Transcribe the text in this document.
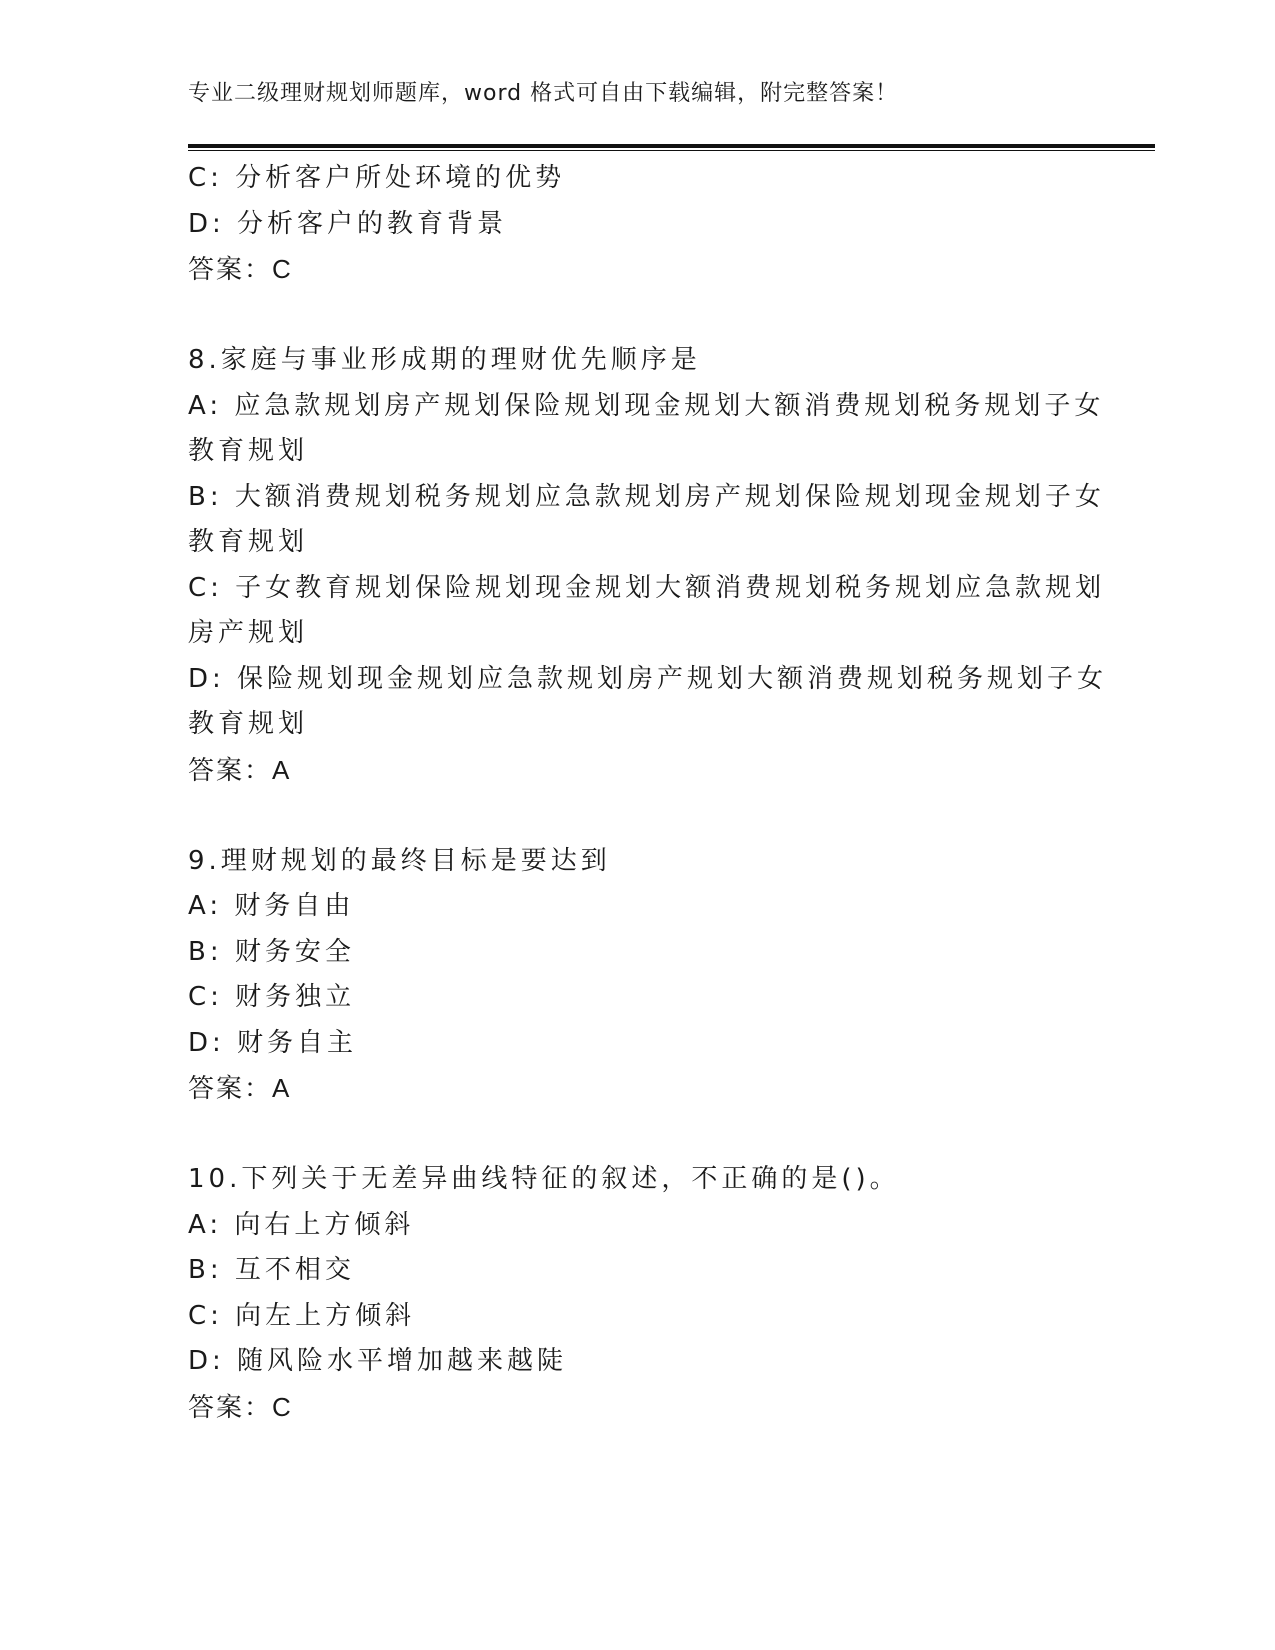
专业二级理财规划师题库，word 格式可自由下载编辑，附完整答案！
C: 分析客户所处环境的优势
D: 分析客户的教育背景
答案：C
8.家庭与事业形成期的理财优先顺序是
A: 应急款规划房产规划保险规划现金规划大额消费规划税务规划子女
教育规划
B: 大额消费规划税务规划应急款规划房产规划保险规划现金规划子女
教育规划
C: 子女教育规划保险规划现金规划大额消费规划税务规划应急款规划
房产规划
D: 保险规划现金规划应急款规划房产规划大额消费规划税务规划子女
教育规划
答案：A
9.理财规划的最终目标是要达到
A: 财务自由
B: 财务安全
C: 财务独立
D: 财务自主
答案：A
10.下列关于无差异曲线特征的叙述，不正确的是()。
A: 向右上方倾斜
B: 互不相交
C: 向左上方倾斜
D: 随风险水平增加越来越陡
答案：C
